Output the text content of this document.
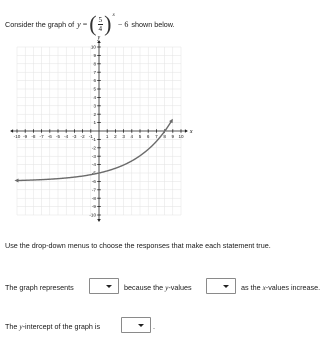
Consider the graph of y = ( $\frac{5}{4}$ ) x
− 6 shown below.
-10 -9 -8 -7 -6 -5 -4 -3 -2 -1	1 2 3 4 5 6 7 8 9 10
10
9
8
7
6
5
4
3
2
1
-1
-2
-3
-4
-5
-6
-7
-8
-9
-10
x
y
Use the drop-down menus to choose the responses that make each statement true.
The graph represents	because the y-values	as the x-values increase.
The y-intercept of the graph is	.
